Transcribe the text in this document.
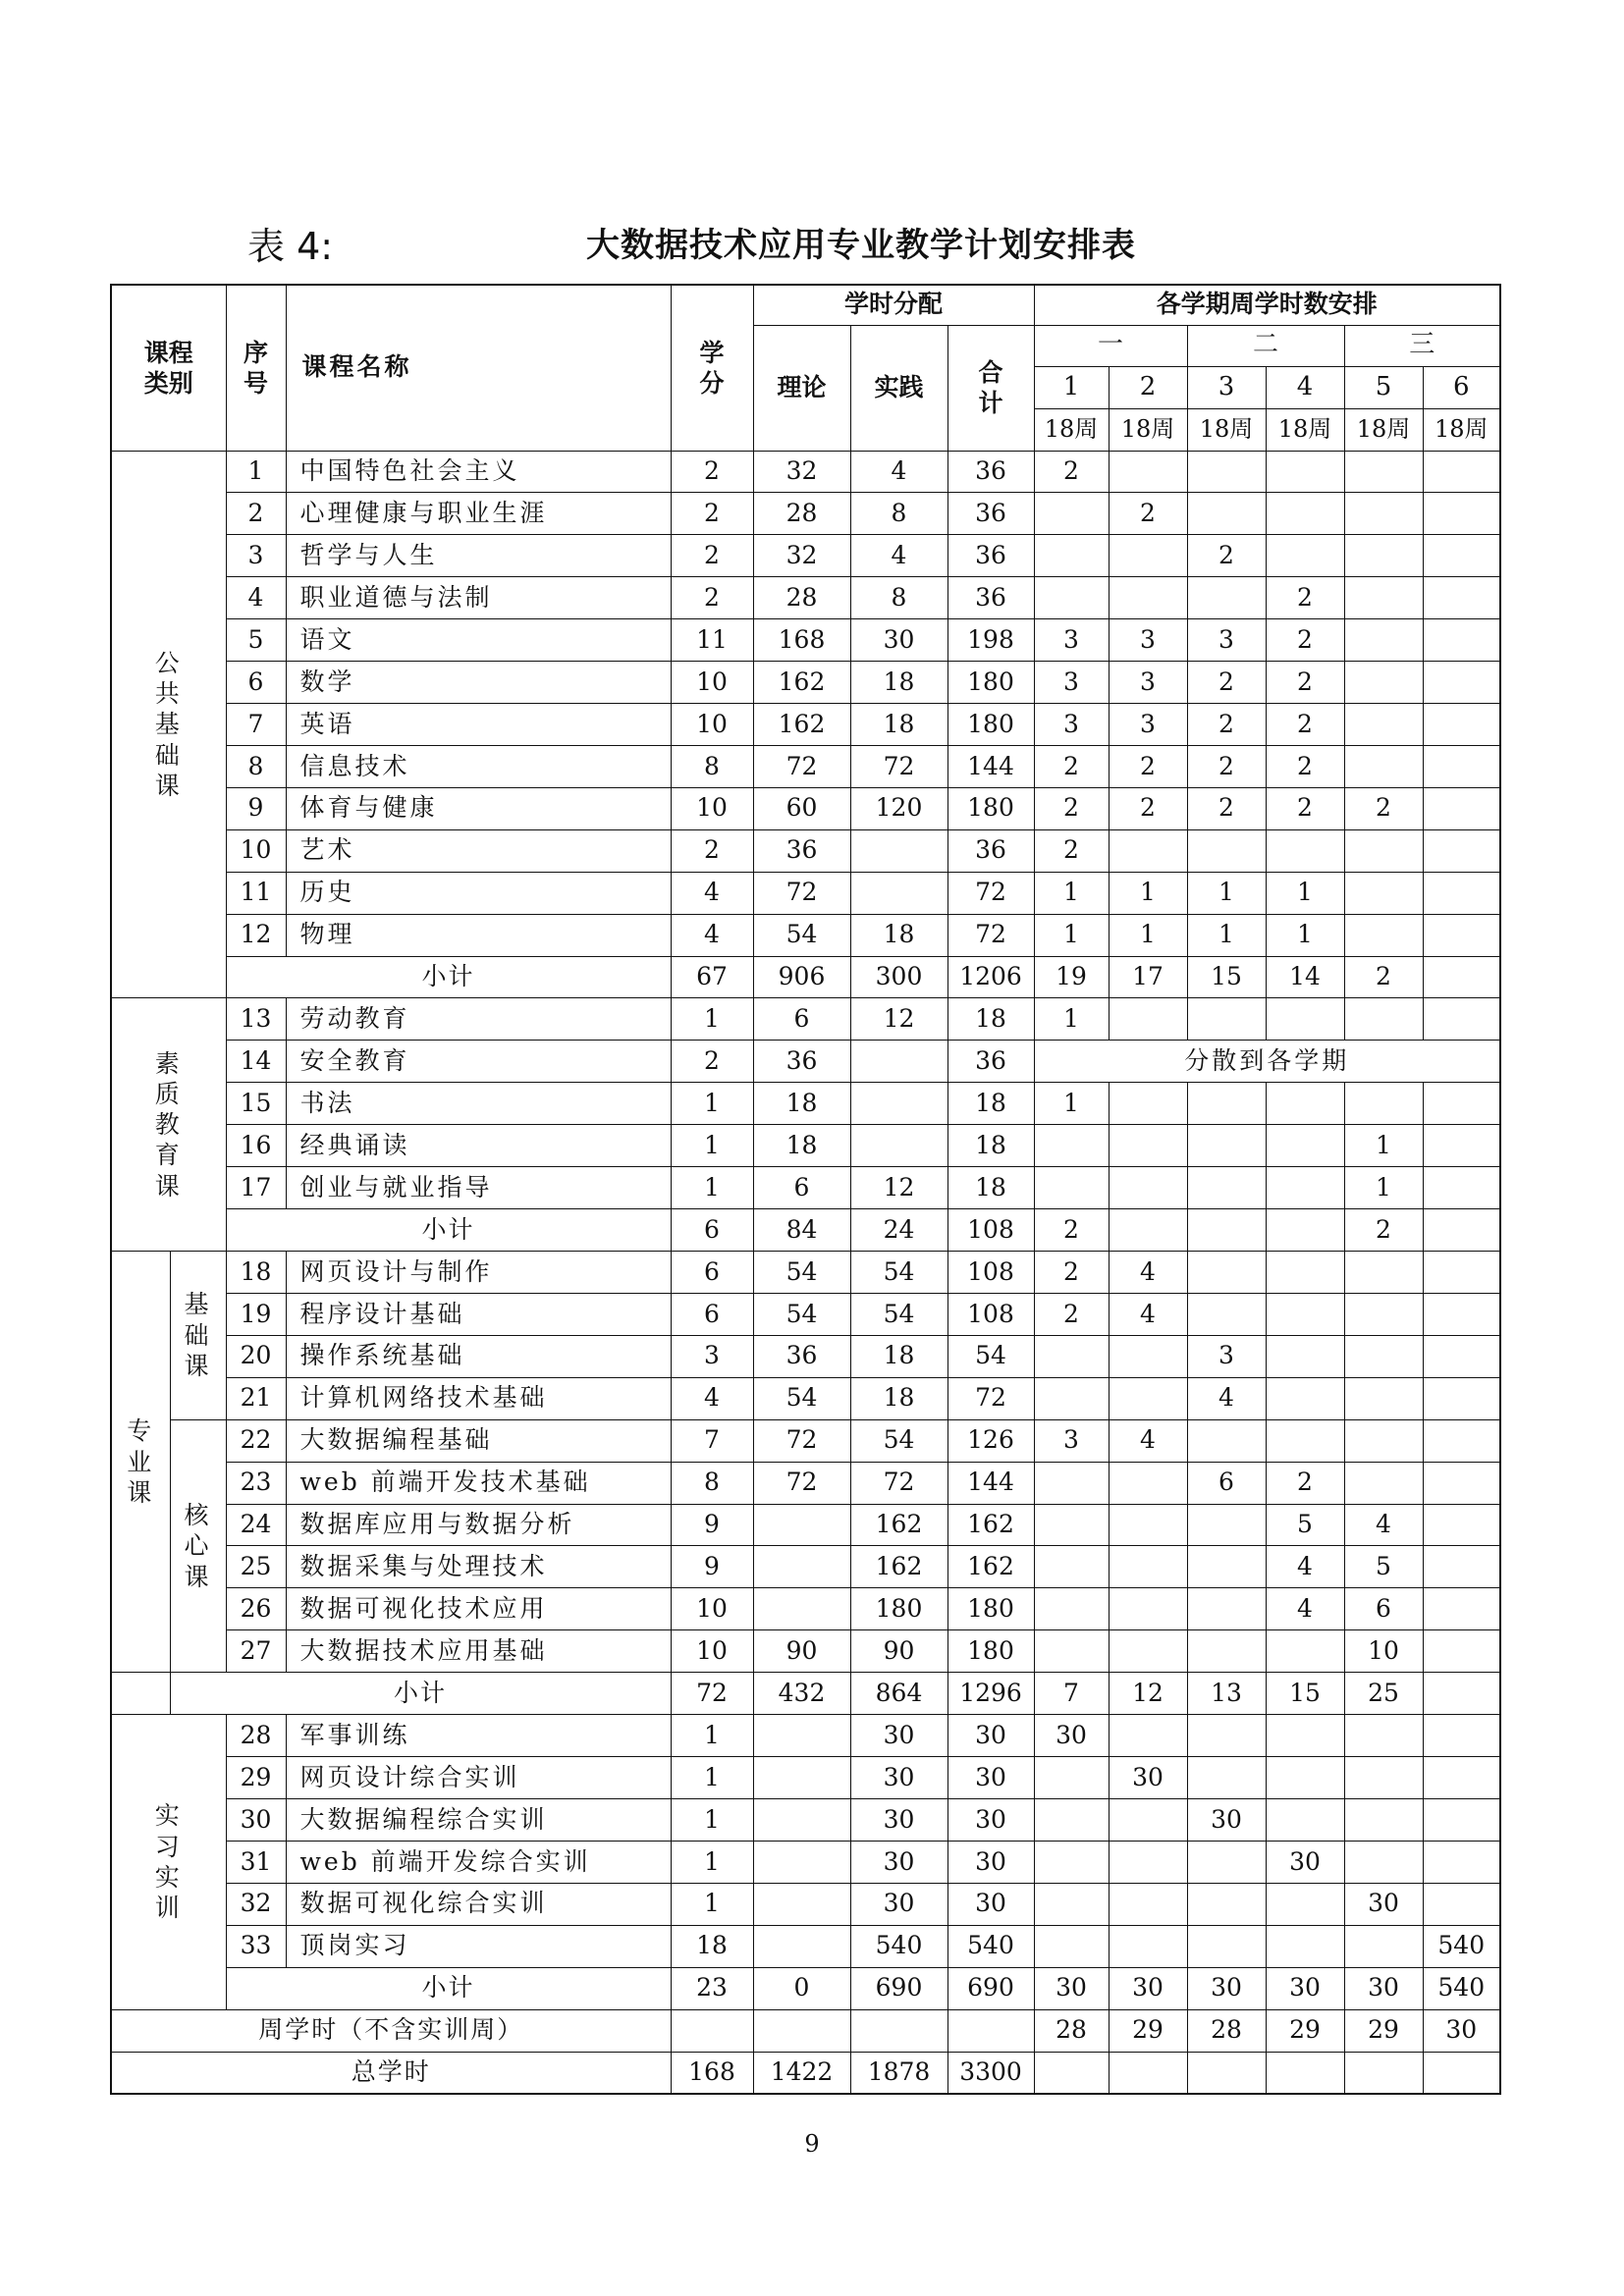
表 4:	大数据技术应用专业教学计划安排表
课程类别		序号	课程名称	学分	学时分配			各学期周学时数安排					
					理论	实践	合计	一		二		三	
								1	2	3	4	5	6
								18周	18周	18周	18周	18周	18周
公共基础课		1	中国特色社会主义	2	32	4	36	2					
		2	心理健康与职业生涯	2	28	8	36		2				
		3	哲学与人生	2	32	4	36			2			
		4	职业道德与法制	2	28	8	36				2		
		5	语文	11	168	30	198	3	3	3	2		
		6	数学	10	162	18	180	3	3	2	2		
		7	英语	10	162	18	180	3	3	2	2		
		8	信息技术	8	72	72	144	2	2	2	2		
		9	体育与健康	10	60	120	180	2	2	2	2	2	
		10	艺术	2	36		36	2					
		11	历史	4	72		72	1	1	1	1		
		12	物理	4	54	18	72	1	1	1	1		
		小计		67	906	300	1206	19	17	15	14	2	
素质教育课		13	劳动教育	1	6	12	18	1					
		14	安全教育	2	36		36	分散到各学期					
		15	书法	1	18		18	1					
		16	经典诵读	1	18		18					1	
		17	创业与就业指导	1	6	12	18					1	
		小计		6	84	24	108	2				2	
专业课	基础课	18	网页设计与制作	6	54	54	108	2	4				
		19	程序设计基础	6	54	54	108	2	4				
		20	操作系统基础	3	36	18	54			3			
		21	计算机网络技术基础	4	54	18	72			4			
	核心课	22	大数据编程基础	7	72	54	126	3	4				
		23	web 前端开发技术基础	8	72	72	144			6	2		
		24	数据库应用与数据分析	9		162	162				5	4	
		25	数据采集与处理技术	9		162	162				4	5	
		26	数据可视化技术应用	10		180	180				4	6	
		27	大数据技术应用基础	10	90	90	180					10	
	小计			72	432	864	1296	7	12	13	15	25	
实习实训		28	军事训练	1		30	30	30					
		29	网页设计综合实训	1		30	30		30				
		30	大数据编程综合实训	1		30	30			30			
		31	web 前端开发综合实训	1		30	30				30		
		32	数据可视化综合实训	1		30	30					30	
		33	顶岗实习	18		540	540						540
		小计		23	0	690	690	30	30	30	30	30	540
周学时（不含实训周）								28	29	28	29	29	30
总学时				168	1422	1878	3300						
9
